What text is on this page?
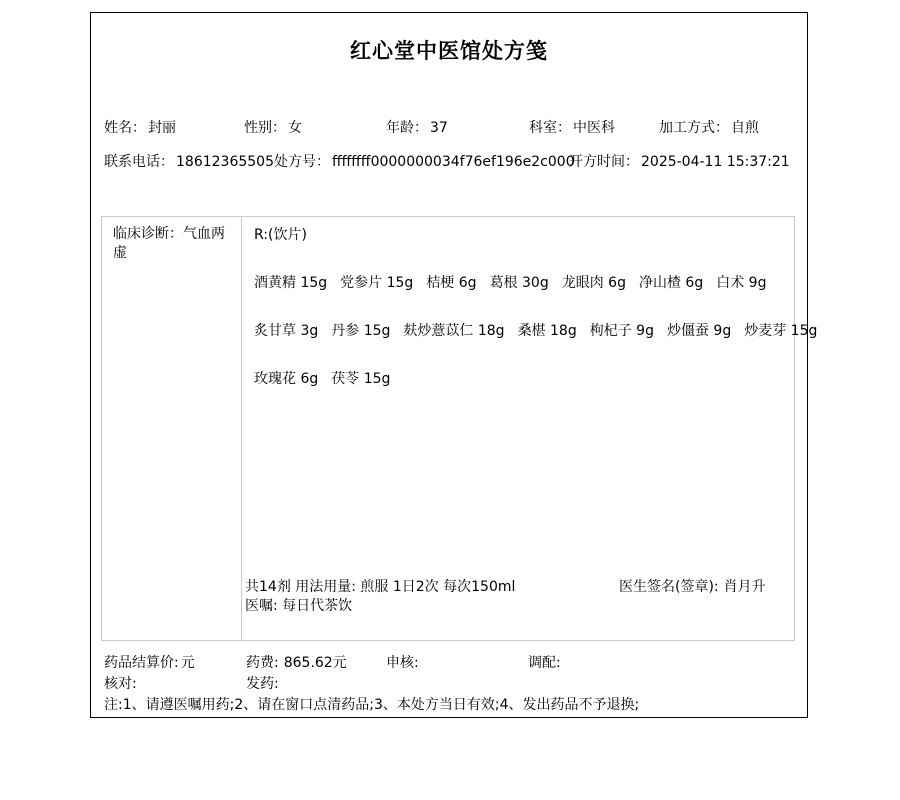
红心堂中医馆处方笺
姓名： 封丽	性别： 女	年龄： 37	科室： 中医科	加工方式： 自煎
联系电话： 18612365505 处方号： ffffffff0000000034f76ef196e2c000
开方时间： 2025-04-11 15:37:21
临床诊断：气血两虚
R:(饮片)
酒黄精 15g 党参片 15g 桔梗 6g 葛根 30g 龙眼肉 6g 净山楂 6g 白术 9g
炙甘草 3g 丹参 15g 麸炒薏苡仁 18g 桑椹 18g 枸杞子 9g 炒僵蚕 9g 炒麦芽 15g
玫瑰花 6g 茯苓 15g
共14剂 用法用量: 煎服 1日2次 每次150ml	医生签名(签章): 肖月升
医嘱: 每日代茶饮
药品结算价: 元	药费: 865.62元	申核:	调配:
核对:	发药:
注:1、请遵医嘱用药;2、请在窗口点清药品;3、本处方当日有效;4、发出药品不予退换;
